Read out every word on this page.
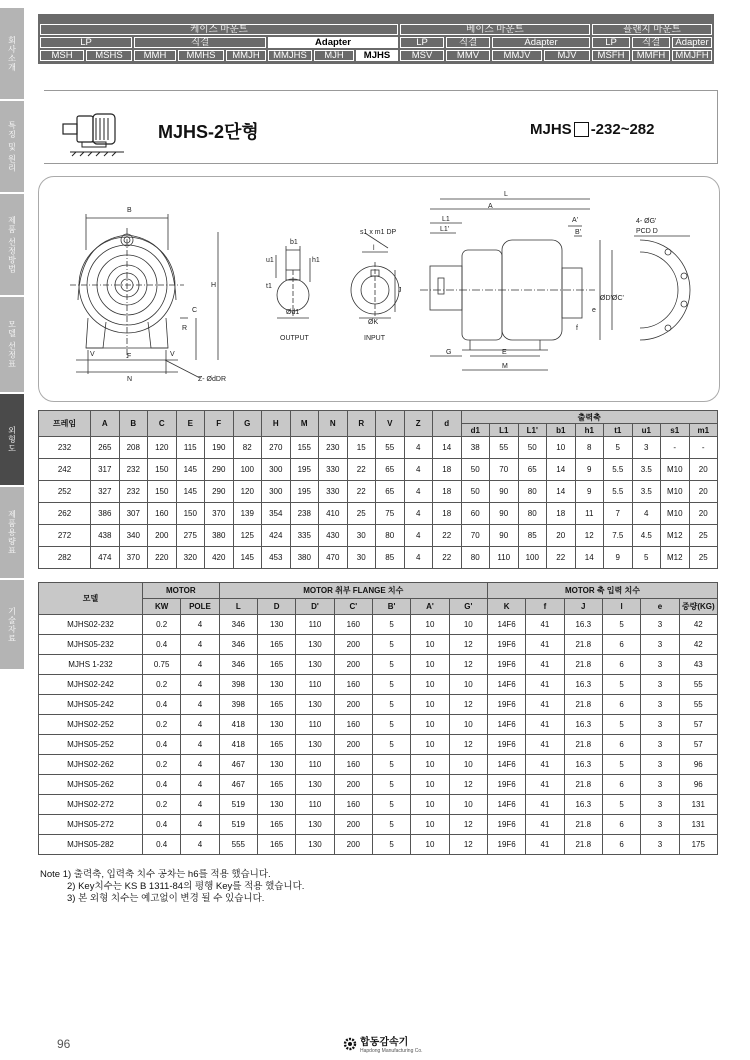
회사소개
특징 및 원리
제품 선정방법
모델 선정표
외형도
제품용량표
기술자료
케이스 마운트	베이스 마운트	플랜지 마운트
LP	직결	Adapter	LP	직결	Adapter	LP	직결	Adapter
MSH	MSHS	MMH	MMHS	MMJH	MMJHS	MJH	MJHS	MSV	MMV	MMJV	MJV	MSFH	MMFH	MMJFH
MJHS-2단형	MJHS -232~282
B
H
C
R
V	V
F
N	Z- ØdDR
b1
h1
u1
t1
Ød1
OUTPUT
s1 x m1 DP
l
J
ØK
INPUT
L
A
L1
L1'
A'
B'
e
f
ØD' ØC'
G	E
M
4- ØG'
PCD D
프레임	A	B	C	E	F	G	H	M	N	R	V	Z	d	출력축								
														d1	L1	L1'	b1	h1	t1	u1	s1	m1
232	265	208	120	115	190	82	270	155	230	15	55	4	14	38	55	50	10	8	5	3	-	-
242	317	232	150	145	290	100	300	195	330	22	65	4	18	50	70	65	14	9	5.5	3.5	M10	20
252	327	232	150	145	290	120	300	195	330	22	65	4	18	50	90	80	14	9	5.5	3.5	M10	20
262	386	307	160	150	370	139	354	238	410	25	75	4	18	60	90	80	18	11	7	4	M10	20
272	438	340	200	275	380	125	424	335	430	30	80	4	22	70	90	85	20	12	7.5	4.5	M12	25
282	474	370	220	320	420	145	453	380	470	30	85	4	22	80	110	100	22	14	9	5	M12	25
모델	MOTOR		MOTOR 취부 FLANGE 치수							MOTOR 축 입력 치수					
	KW	POLE	L	D	D'	C'	B'	A'	G'	K	f	J	l	e	중량(KG)
MJHS02-232	0.2	4	346	130	110	160	5	10	10	14F6	41	16.3	5	3	42
MJHS05-232	0.4	4	346	165	130	200	5	10	12	19F6	41	21.8	6	3	42
MJHS 1-232	0.75	4	346	165	130	200	5	10	12	19F6	41	21.8	6	3	43
MJHS02-242	0.2	4	398	130	110	160	5	10	10	14F6	41	16.3	5	3	55
MJHS05-242	0.4	4	398	165	130	200	5	10	12	19F6	41	21.8	6	3	55
MJHS02-252	0.2	4	418	130	110	160	5	10	10	14F6	41	16.3	5	3	57
MJHS05-252	0.4	4	418	165	130	200	5	10	12	19F6	41	21.8	6	3	57
MJHS02-262	0.2	4	467	130	110	160	5	10	10	14F6	41	16.3	5	3	96
MJHS05-262	0.4	4	467	165	130	200	5	10	12	19F6	41	21.8	6	3	96
MJHS02-272	0.2	4	519	130	110	160	5	10	10	14F6	41	16.3	5	3	131
MJHS05-272	0.4	4	519	165	130	200	5	10	12	19F6	41	21.8	6	3	131
MJHS05-282	0.4	4	555	165	130	200	5	10	12	19F6	41	21.8	6	3	175
Note 1) 출력축, 입력축 치수 공차는 h6를 적용 했습니다.
2) Key치수는 KS B 1311-84의 평행 Key를 적용 했습니다.
3) 본 외형 치수는 예고없이 변경 될 수 있습니다.
96	합동감속기
Hapdong Manufacturing Co.
